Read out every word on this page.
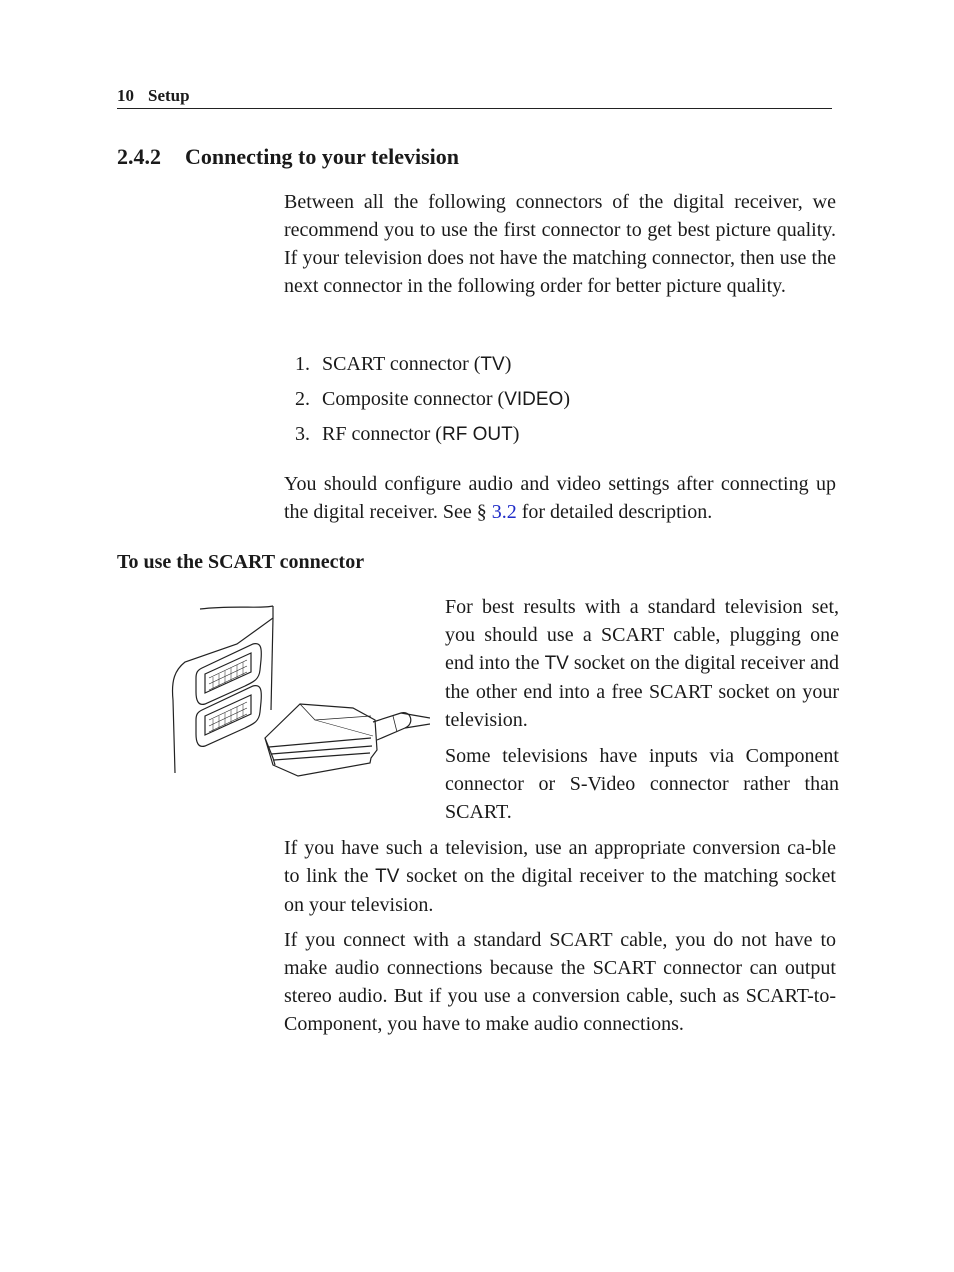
10 Setup
2.4.2 Connecting to your television

Between all the following connectors of the digital receiver, we recommend you to use the first connector to get best picture quality. If your television does not have the matching connector, then use the next connector in the following order for better picture quality.

1. SCART connector (TV)
2. Composite connector (VIDEO)
3. RF connector (RF OUT)

You should configure audio and video settings after connecting up the digital receiver. See § 3.2 for detailed description.

To use the SCART connector

For best results with a standard television set, you should use a SCART cable, plugging one end into the TV socket on the digital receiver and the other end into a free SCART socket on your television.

Some televisions have inputs via Component connector or S-Video connector rather than SCART.

If you have such a television, use an appropriate conversion ca-ble to link the TV socket on the digital receiver to the matching socket on your television.

If you connect with a standard SCART cable, you do not have to make audio connections because the SCART connector can output stereo audio. But if you use a conversion cable, such as SCART-to-Component, you have to make audio connections.
